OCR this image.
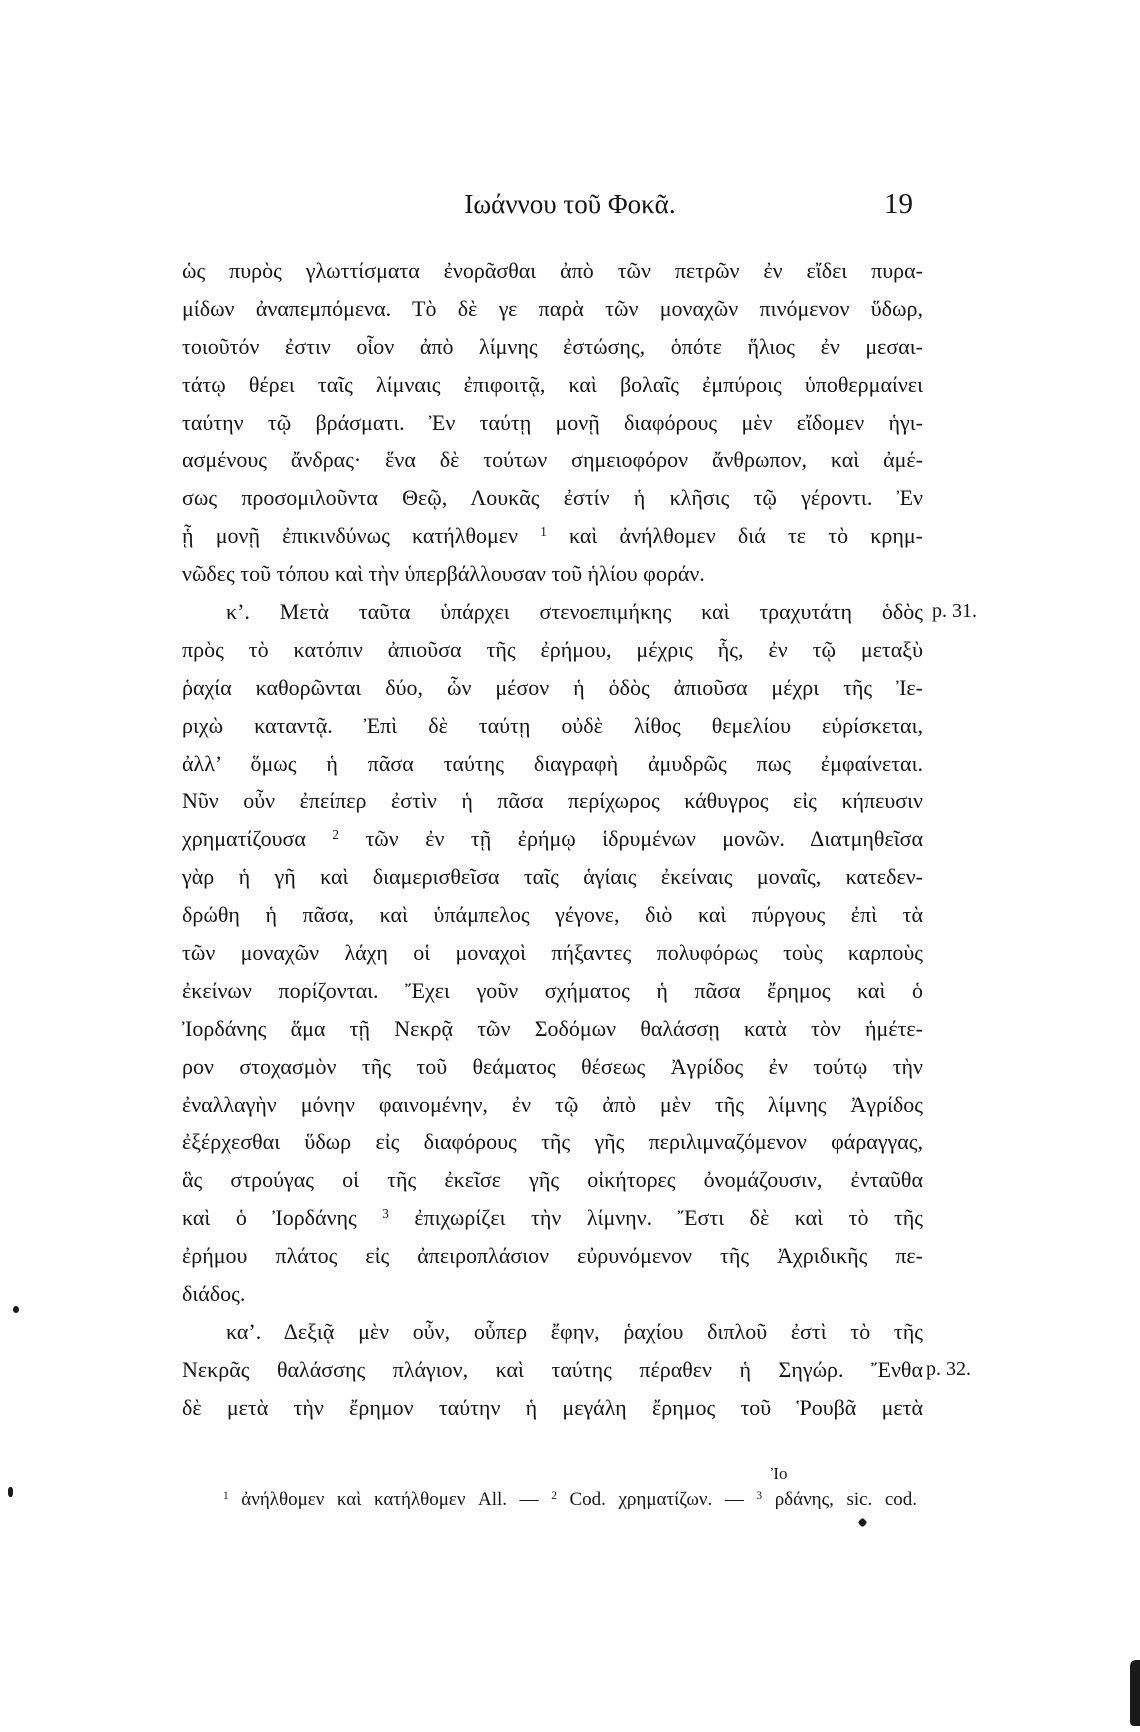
Ιωάννου τοῦ Φοκᾶ.	19
ὡς πυρὸς γλωττίσματα ἐνορᾶσθαι ἀπὸ τῶν πετρῶν ἐν εἴδει πυρα-
μίδων ἀναπεμπόμενα. Τὸ δὲ γε παρὰ τῶν μοναχῶν πινόμενον ὕδωρ,
τοιοῦτόν ἐστιν οἷον ἀπὸ λίμνης ἐστώσης, ὁπότε ἥλιος ἐν μεσαι-
τάτῳ θέρει ταῖς λίμναις ἐπιφοιτᾷ, καὶ βολαῖς ἐμπύροις ὑποθερμαίνει
ταύτην τῷ βράσματι. Ἐν ταύτῃ μονῇ διαφόρους μὲν εἴδομεν ἡγι-
ασμένους ἄνδρας· ἕνα δὲ τούτων σημειοφόρον ἄνθρωπον, καὶ ἀμέ-
σως προσομιλοῦντα Θεῷ, Λουκᾶς ἐστίν ἡ κλῆσις τῷ γέροντι. Ἐν
ᾗ μονῇ ἐπικινδύνως κατήλθομεν $^1$ καὶ ἀνήλθομεν διά τε τὸ κρημ-
νῶδες τοῦ τόπου καὶ τὴν ὑπερβάλλουσαν τοῦ ἡλίου φοράν.
κ’. Μετὰ ταῦτα ὑπάρχει στενοεπιμήκης καὶ τραχυτάτη ὁδὸς
πρὸς τὸ κατόπιν ἀπιοῦσα τῆς ἐρήμου, μέχρις ἧς, ἐν τῷ μεταξὺ
ῥαχία καθορῶνται δύο, ὧν μέσον ἡ ὁδὸς ἀπιοῦσα μέχρι τῆς Ἰε-
ριχὼ καταντᾷ. Ἐπὶ δὲ ταύτῃ οὐδὲ λίθος θεμελίου εὑρίσκεται,
ἀλλ’ ὅμως ἡ πᾶσα ταύτης διαγραφὴ ἀμυδρῶς πως ἐμφαίνεται.
Νῦν οὖν ἐπείπερ ἐστὶν ἡ πᾶσα περίχωρος κάθυγρος εἰς κήπευσιν
χρηματίζουσα $^2$ τῶν ἐν τῇ ἐρήμῳ ἱδρυμένων μονῶν. Διατμηθεῖσα
γὰρ ἡ γῆ καὶ διαμερισθεῖσα ταῖς ἁγίαις ἐκείναις μοναῖς, κατεδεν-
δρώθη ἡ πᾶσα, καὶ ὑπάμπελος γέγονε, διὸ καὶ πύργους ἐπὶ τὰ
τῶν μοναχῶν λάχη οἱ μοναχοὶ πήξαντες πολυφόρως τοὺς καρποὺς
ἐκείνων πορίζονται. Ἔχει γοῦν σχήματος ἡ πᾶσα ἔρημος καὶ ὁ
Ἰορδάνης ἅμα τῇ Νεκρᾷ τῶν Σοδόμων θαλάσσῃ κατὰ τὸν ἡμέτε-
ρον στοχασμὸν τῆς τοῦ θεάματος θέσεως Ἀγρίδος ἐν τούτῳ τὴν
ἐναλλαγὴν μόνην φαινομένην, ἐν τῷ ἀπὸ μὲν τῆς λίμνης Ἀγρίδος
ἐξέρχεσθαι ὕδωρ εἰς διαφόρους τῆς γῆς περιλιμναζόμενον φάραγγας,
ἃς στρούγας οἱ τῆς ἐκεῖσε γῆς οἰκήτορες ὀνομάζουσιν, ἐνταῦθα
καὶ ὁ Ἰορδάνης $^3$ ἐπιχωρίζει τὴν λίμνην. Ἔστι δὲ καὶ τὸ τῆς
ἐρήμου πλάτος εἰς ἀπειροπλάσιον εὐρυνόμενον τῆς Ἀχριδικῆς πε-
διάδος.
κα’. Δεξιᾷ μὲν οὖν, οὗπερ ἔφην, ῥαχίου διπλοῦ ἐστὶ τὸ τῆς
Νεκρᾶς θαλάσσης πλάγιον, καὶ ταύτης πέραθεν ἡ Σηγώρ. Ἔνθα
δὲ μετὰ τὴν ἔρημον ταύτην ἡ μεγάλη ἔρημος τοῦ Ῥουβᾶ μετὰ
p. 31.
p. 32.
Ἰο
$^1$ ἀνήλθομεν καὶ κατήλθομεν All. — $^2$ Cod. χρηματίζων. — $^3$ ρδάνης, sic. cod.
